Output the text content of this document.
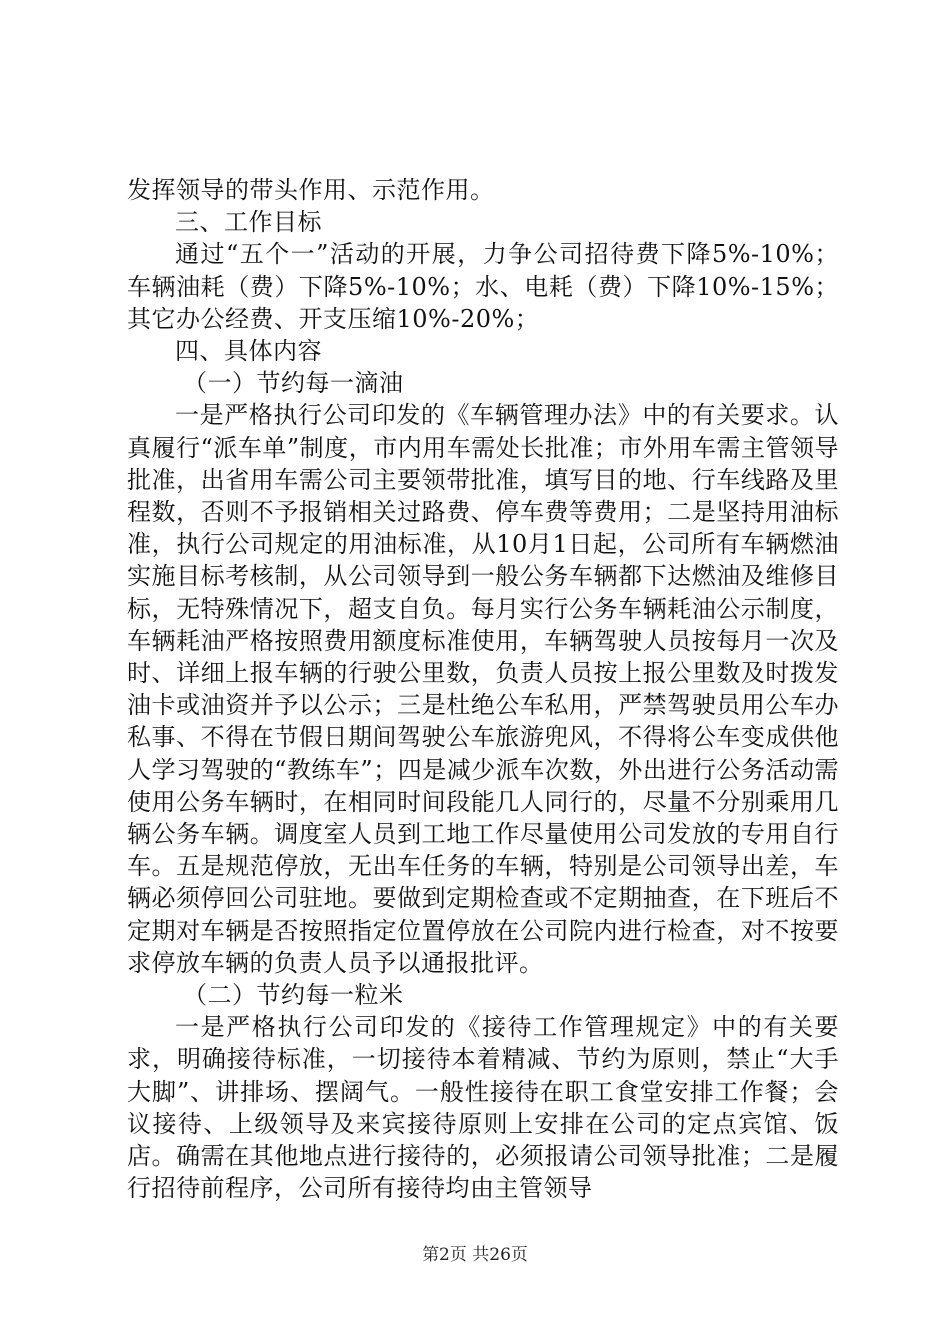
发挥领导的带头作用、示范作用。

三、工作目标

通过“五个一”活动的开展，力争公司招待费下降5%-10%；车辆油耗（费）下降5%-10%；水、电耗（费）下降10%-15%；其它办公经费、开支压缩10%-20%；

四、具体内容

（一）节约每一滴油

一是严格执行公司印发的《车辆管理办法》中的有关要求。认真履行“派车单”制度，市内用车需处长批准；市外用车需主管领导批准，出省用车需公司主要领带批准，填写目的地、行车线路及里程数，否则不予报销相关过路费、停车费等费用；二是坚持用油标准，执行公司规定的用油标准，从10月1日起，公司所有车辆燃油实施目标考核制，从公司领导到一般公务车辆都下达燃油及维修目标，无特殊情况下，超支自负。每月实行公务车辆耗油公示制度，车辆耗油严格按照费用额度标准使用，车辆驾驶人员按每月一次及时、详细上报车辆的行驶公里数，负责人员按上报公里数及时拨发油卡或油资并予以公示；三是杜绝公车私用，严禁驾驶员用公车办私事、不得在节假日期间驾驶公车旅游兜风，不得将公车变成供他人学习驾驶的“教练车”；四是减少派车次数，外出进行公务活动需使用公务车辆时，在相同时间段能几人同行的，尽量不分别乘用几辆公务车辆。调度室人员到工地工作尽量使用公司发放的专用自行车。五是规范停放，无出车任务的车辆，特别是公司领导出差，车辆必须停回公司驻地。要做到定期检查或不定期抽查，在下班后不定期对车辆是否按照指定位置停放在公司院内进行检查，对不按要求停放车辆的负责人员予以通报批评。

（二）节约每一粒米

一是严格执行公司印发的《接待工作管理规定》中的有关要求，明确接待标准，一切接待本着精减、节约为原则，禁止“大手大脚”、讲排场、摆阔气。一般性接待在职工食堂安排工作餐；会议接待、上级领导及来宾接待原则上安排在公司的定点宾馆、饭店。确需在其他地点进行接待的，必须报请公司领导批准；二是履行招待前程序，公司所有接待均由主管领导

第2页 共26页
